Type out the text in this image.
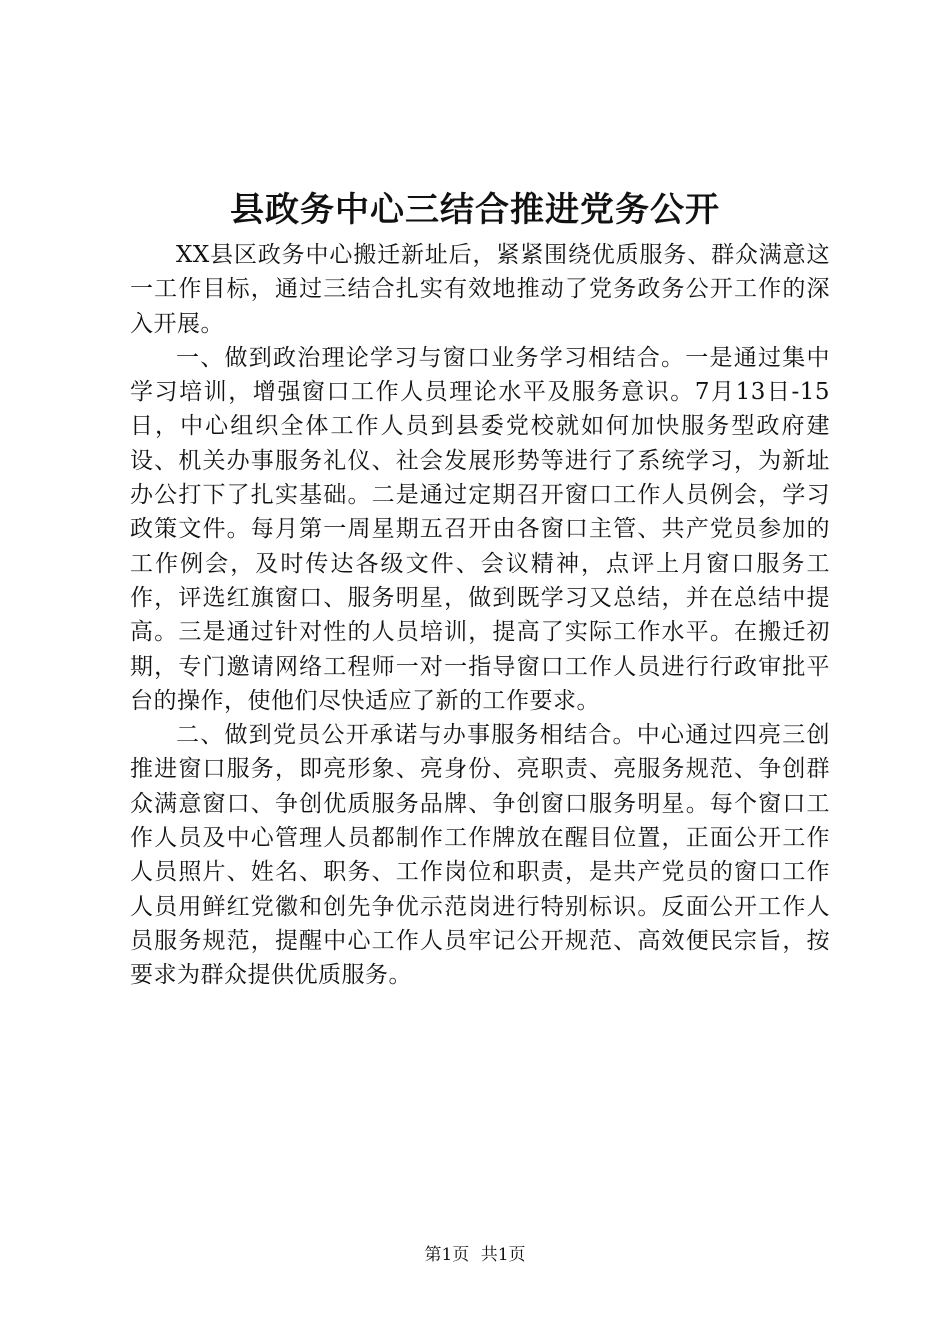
县政务中心三结合推进党务公开

XX县区政务中心搬迁新址后，紧紧围绕优质服务、群众满意这一工作目标，通过三结合扎实有效地推动了党务政务公开工作的深入开展。

一、做到政治理论学习与窗口业务学习相结合。一是通过集中学习培训，增强窗口工作人员理论水平及服务意识。7月13日-15日，中心组织全体工作人员到县委党校就如何加快服务型政府建设、机关办事服务礼仪、社会发展形势等进行了系统学习，为新址办公打下了扎实基础。二是通过定期召开窗口工作人员例会，学习政策文件。每月第一周星期五召开由各窗口主管、共产党员参加的工作例会，及时传达各级文件、会议精神，点评上月窗口服务工作，评选红旗窗口、服务明星，做到既学习又总结，并在总结中提高。三是通过针对性的人员培训，提高了实际工作水平。在搬迁初期，专门邀请网络工程师一对一指导窗口工作人员进行行政审批平台的操作，使他们尽快适应了新的工作要求。

二、做到党员公开承诺与办事服务相结合。中心通过四亮三创推进窗口服务，即亮形象、亮身份、亮职责、亮服务规范、争创群众满意窗口、争创优质服务品牌、争创窗口服务明星。每个窗口工作人员及中心管理人员都制作工作牌放在醒目位置，正面公开工作人员照片、姓名、职务、工作岗位和职责，是共产党员的窗口工作人员用鲜红党徽和创先争优示范岗进行特别标识。反面公开工作人员服务规范，提醒中心工作人员牢记公开规范、高效便民宗旨，按要求为群众提供优质服务。

第1页 共1页
